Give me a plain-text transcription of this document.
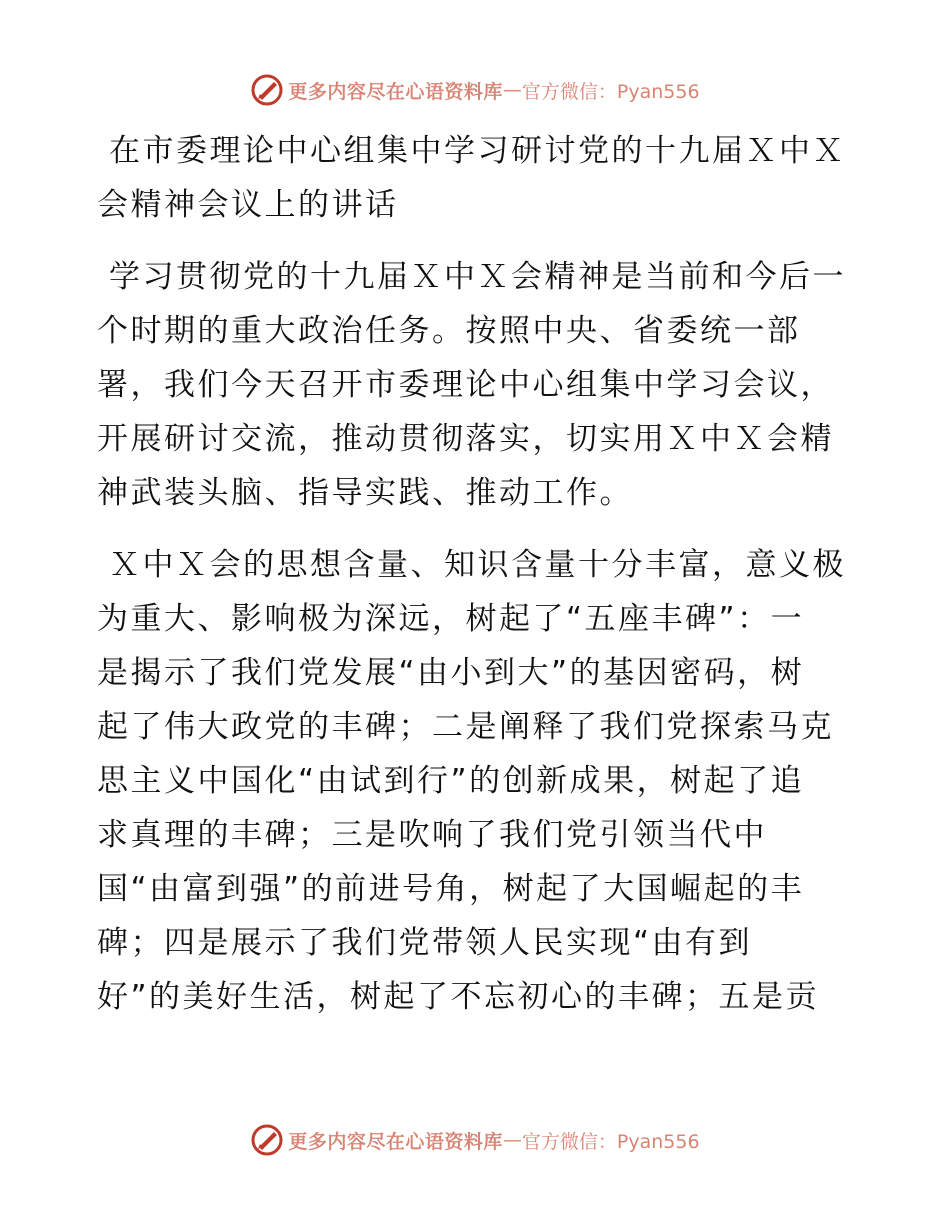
更多内容尽在心语资料库 — 官方微信：Pyan556
在市委理论中心组集中学习研讨党的十九届Ｘ中Ｘ
会精神会议上的讲话
学习贯彻党的十九届Ｘ中Ｘ会精神是当前和今后一
个时期的重大政治任务。按照中央、省委统一部
署，我们今天召开市委理论中心组集中学习会议，
开展研讨交流，推动贯彻落实，切实用Ｘ中Ｘ会精
神武装头脑、指导实践、推动工作。
Ｘ中Ｘ会的思想含量、知识含量十分丰富，意义极
为重大、影响极为深远，树起了“五座丰碑”：一
是揭示了我们党发展“由小到大”的基因密码，树
起了伟大政党的丰碑；二是阐释了我们党探索马克
思主义中国化“由试到行”的创新成果，树起了追
求真理的丰碑；三是吹响了我们党引领当代中
国“由富到强”的前进号角，树起了大国崛起的丰
碑；四是展示了我们党带领人民实现“由有到
好”的美好生活，树起了不忘初心的丰碑；五是贡
更多内容尽在心语资料库 — 官方微信：Pyan556
